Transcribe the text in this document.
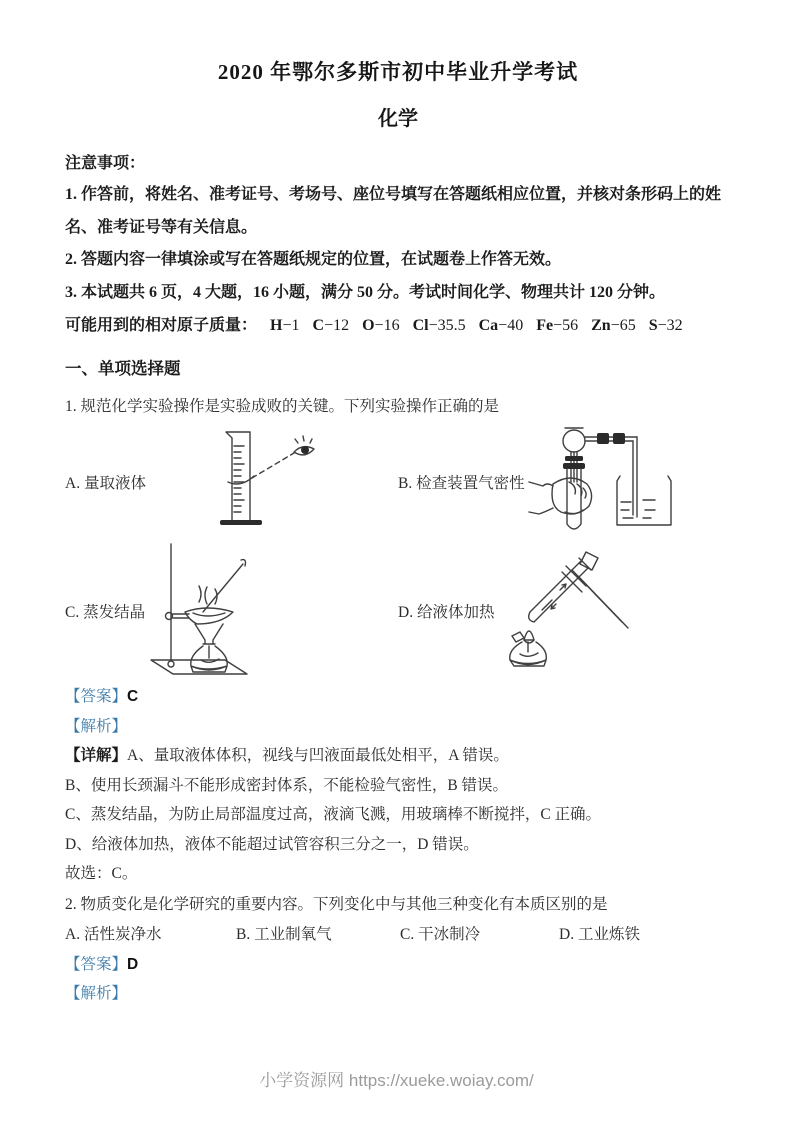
2020 年鄂尔多斯市初中毕业升学考试
化学

注意事项：

1. 作答前，将姓名、准考证号、考场号、座位号填写在答题纸相应位置，并核对条形码上的姓名、准考证号等有关信息。

2. 答题内容一律填涂或写在答题纸规定的位置，在试题卷上作答无效。

3. 本试题共 6 页，4 大题，16 小题，满分 50 分。考试时间化学、物理共计 120 分钟。

可能用到的相对原子质量： H−1 C−12 O−16 Cl−35.5 Ca−40 Fe−56 Zn−65 S−32

一、单项选择题

1. 规范化学实验操作是实验成败的关键。下列实验操作正确的是

A. 量取液体	B. 检查装置气密性
C. 蒸发结晶	D. 给液体加热

【答案】C

【解析】

【详解】A、量取液体体积，视线与凹液面最低处相平，A 错误。

B、使用长颈漏斗不能形成密封体系，不能检验气密性，B 错误。

C、蒸发结晶，为防止局部温度过高，液滴飞溅，用玻璃棒不断搅拌，C 正确。

D、给液体加热，液体不能超过试管容积三分之一，D 错误。

故选：C。

2. 物质变化是化学研究的重要内容。下列变化中与其他三种变化有本质区别的是

A. 活性炭净水	B. 工业制氧气	C. 干冰制冷	D. 工业炼铁

【答案】D

【解析】

小学资源网 https://xueke.woiay.com/
